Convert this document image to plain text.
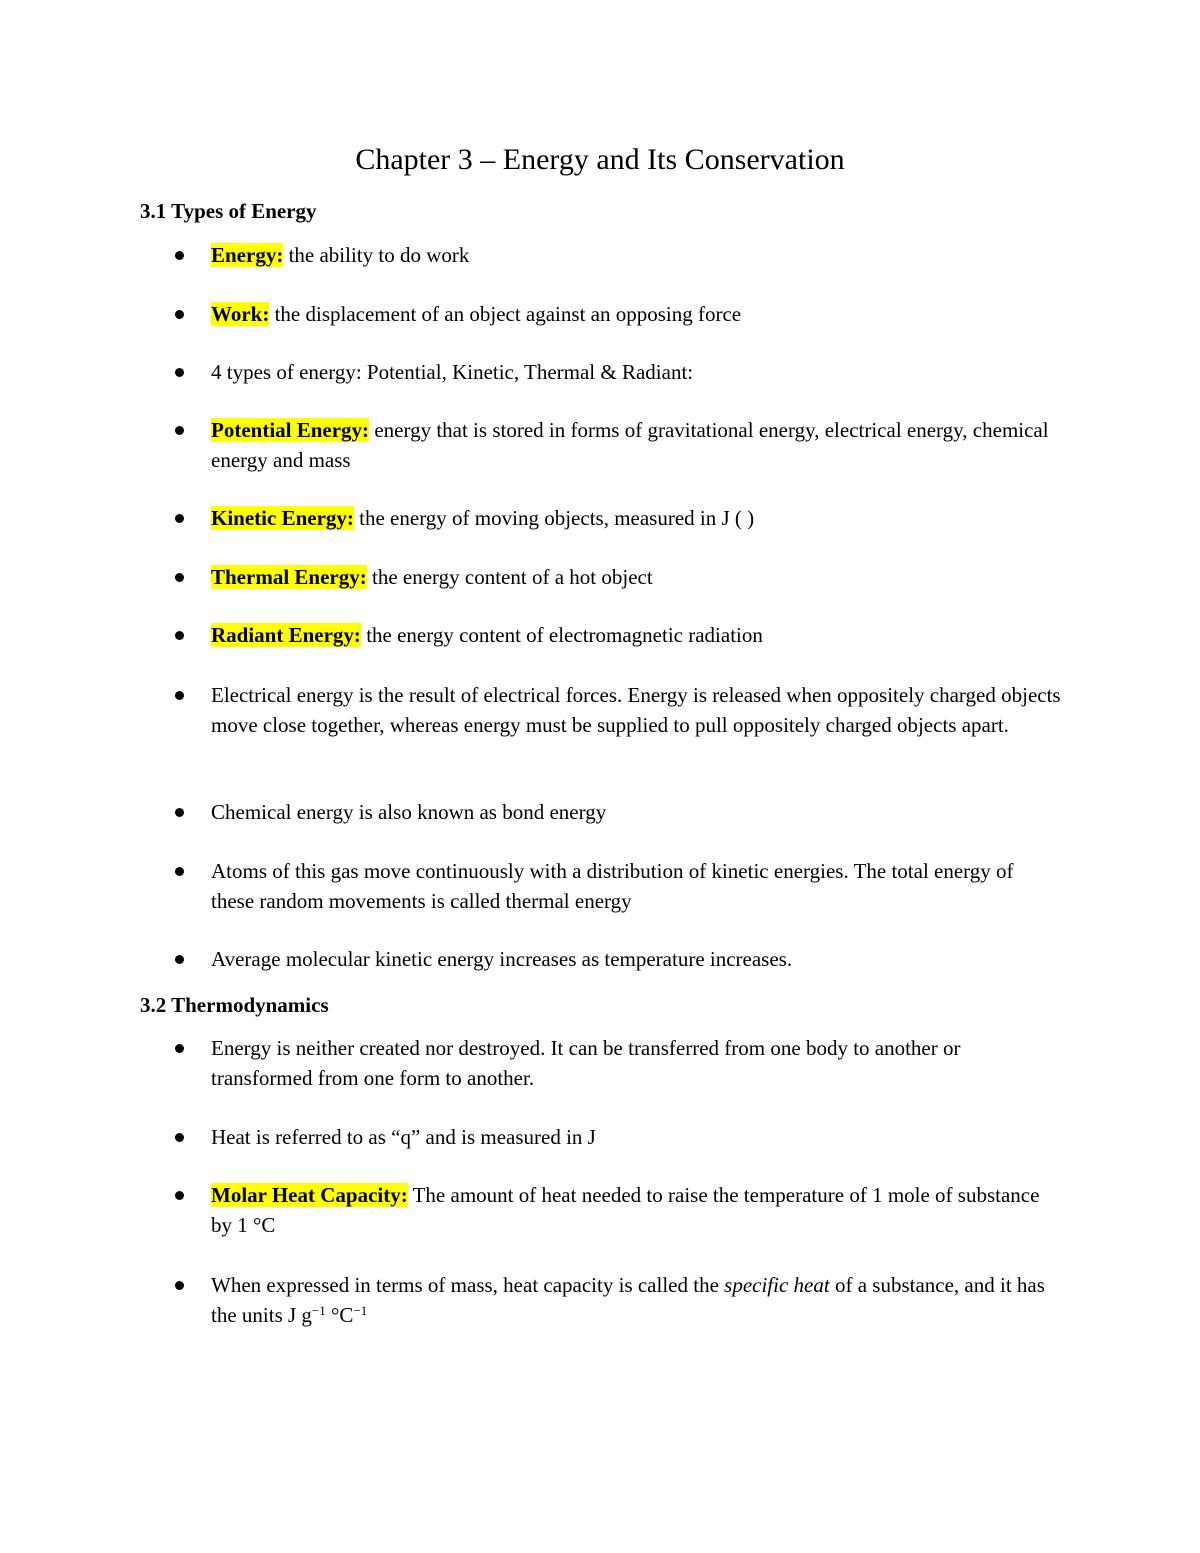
Chapter 3 – Energy and Its Conservation
3.1 Types of Energy
Energy: the ability to do work
Work: the displacement of an object against an opposing force
4 types of energy: Potential, Kinetic, Thermal & Radiant:
Potential Energy: energy that is stored in forms of gravitational energy, electrical energy, chemical energy and mass
Kinetic Energy: the energy of moving objects, measured in J ( )
Thermal Energy: the energy content of a hot object
Radiant Energy: the energy content of electromagnetic radiation
Electrical energy is the result of electrical forces. Energy is released when oppositely charged objects move close together, whereas energy must be supplied to pull oppositely charged objects apart.
Chemical energy is also known as bond energy
Atoms of this gas move continuously with a distribution of kinetic energies. The total energy of these random movements is called thermal energy
Average molecular kinetic energy increases as temperature increases.
3.2 Thermodynamics
Energy is neither created nor destroyed. It can be transferred from one body to another or transformed from one form to another.
Heat is referred to as “q” and is measured in J
Molar Heat Capacity: The amount of heat needed to raise the temperature of 1 mole of substance by 1 °C
When expressed in terms of mass, heat capacity is called the specific heat of a substance, and it has the units J $g^{-1}$ $^\circ C^{-1}$
